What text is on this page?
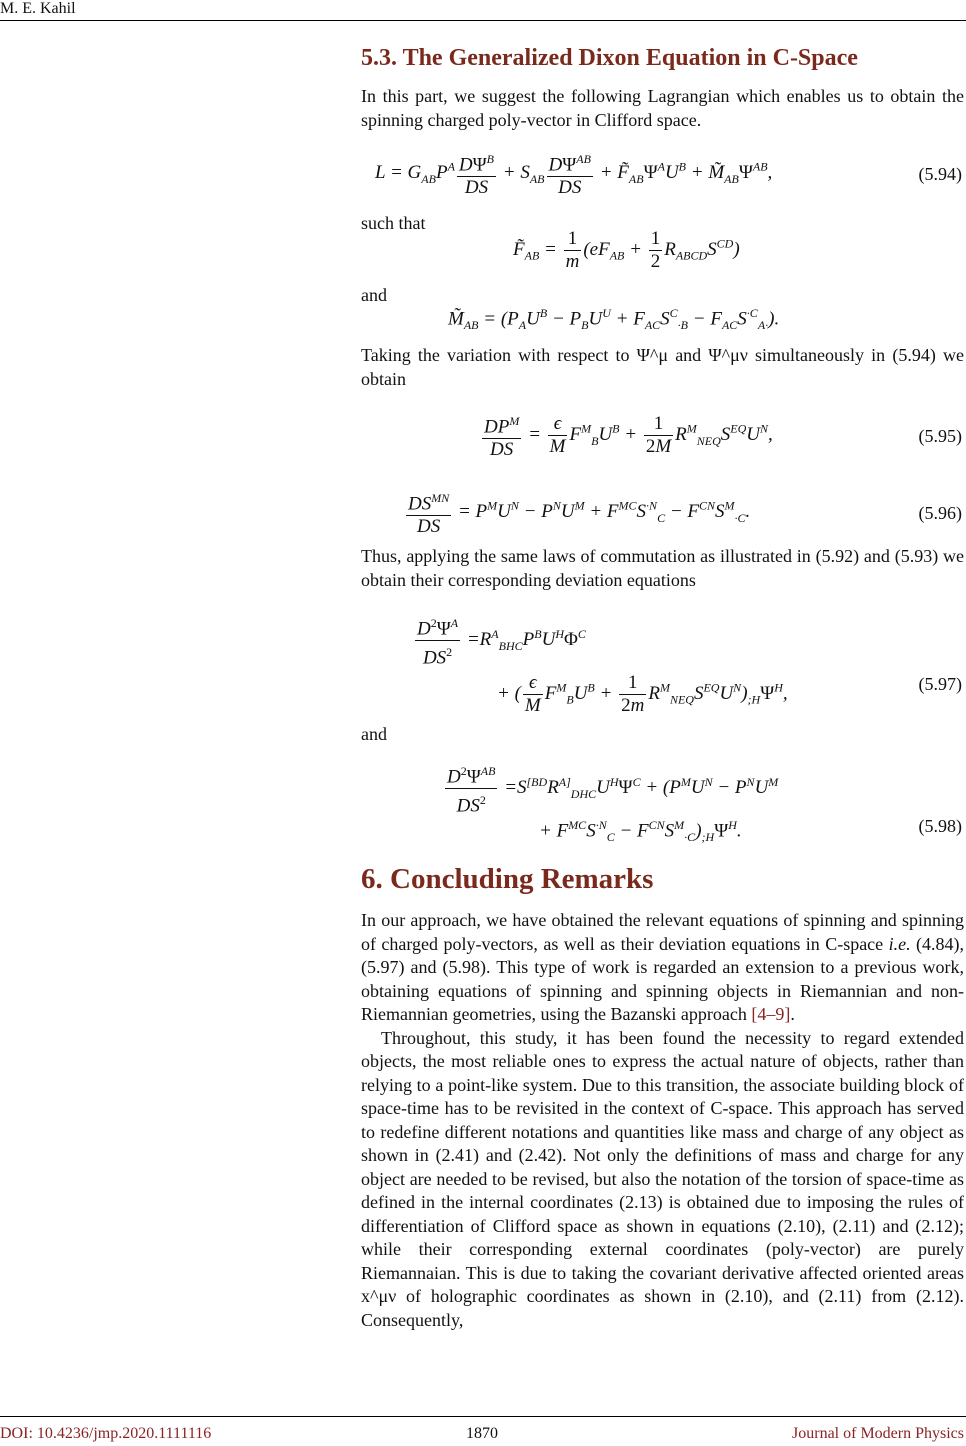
M. E. Kahil
5.3. The Generalized Dixon Equation in C-Space

In this part, we suggest the following Lagrangian which enables us to obtain the spinning charged poly-vector in Clifford space.

$L = G_{AB}P^A \frac{D\Psi^B}{DS} + S_{AB} \frac{D\Psi^{AB}}{DS}$ + $F̃_{AB}\Psi^AU^B$ + $M̃_{AB}\Psi^{AB}$,	(5.94)
such that
$F̃_{AB} = \frac{1}{m} (eF_{AB} + \frac{1}{2} R_{ABCD}S^{CD})$
and
$M̃_{AB} = (P_AU^B - P_BU^U + F_{AC}S^C_{\cdot B} - F_{AC}S^{\cdot C}_{A\cdot})$.

Taking the variation with respect to Ψ^μ and Ψ^μν simultaneously in (5.94) we obtain

$\frac{DP^M}{DS} = \frac{\epsilon}{M} F^M_BU^B + \frac{1}{2M} R^M_{NEQ}S^{EQ}U^N$,	(5.95)
$\frac{DS^{MN}}{DS} = P^MU^N - P^NU^M + F^{MC}S^{\cdot N}_C - F^{CN}S^M_{\cdot C}$.	(5.96)

Thus, applying the same laws of commutation as illustrated in (5.92) and (5.93) we obtain their corresponding deviation equations

$\frac{D^2\Psi^A}{DS^2} =R^A_{BHC}P^BU^H\Phi^C$
+ ( $\frac{\epsilon}{M} F^M_BU^B + \frac{1}{2m} R^M_{NEQ}S^{EQ}U^N)_{;H}\Psi^H$,	(5.97)
and
$\frac{D^2\Psi^{AB}}{DS^2} =S^{[BD}R^{A]}_{DHC}U^H\Psi^C + (P^MU^N - P^NU^M$
+ $F^{MC}S^{\cdot N}_C - F^{CN}S^M_{\cdot C})_{;H}\Psi^H$.	(5.98)
6. Concluding Remarks

In our approach, we have obtained the relevant equations of spinning and spinning of charged poly-vectors, as well as their deviation equations in C-space i.e. (4.84), (5.97) and (5.98). This type of work is regarded an extension to a previous work, obtaining equations of spinning and spinning objects in Riemannian and non-Riemannian geometries, using the Bazanski approach [4–9].

Throughout, this study, it has been found the necessity to regard extended objects, the most reliable ones to express the actual nature of objects, rather than relying to a point-like system. Due to this transition, the associate building block of space-time has to be revisited in the context of C-space. This approach has served to redefine different notations and quantities like mass and charge of any object as shown in (2.41) and (2.42). Not only the definitions of mass and charge for any object are needed to be revised, but also the notation of the torsion of space-time as defined in the internal coordinates (2.13) is obtained due to imposing the rules of differentiation of Clifford space as shown in equations (2.10), (2.11) and (2.12); while their corresponding external coordinates (poly-vector) are purely Riemannaian. This is due to taking the covariant derivative affected oriented areas x^μν of holographic coordinates as shown in (2.10), and (2.11) from (2.12). Consequently,

DOI: 10.4236/jmp.2020.1111116	1870	Journal of Modern Physics
